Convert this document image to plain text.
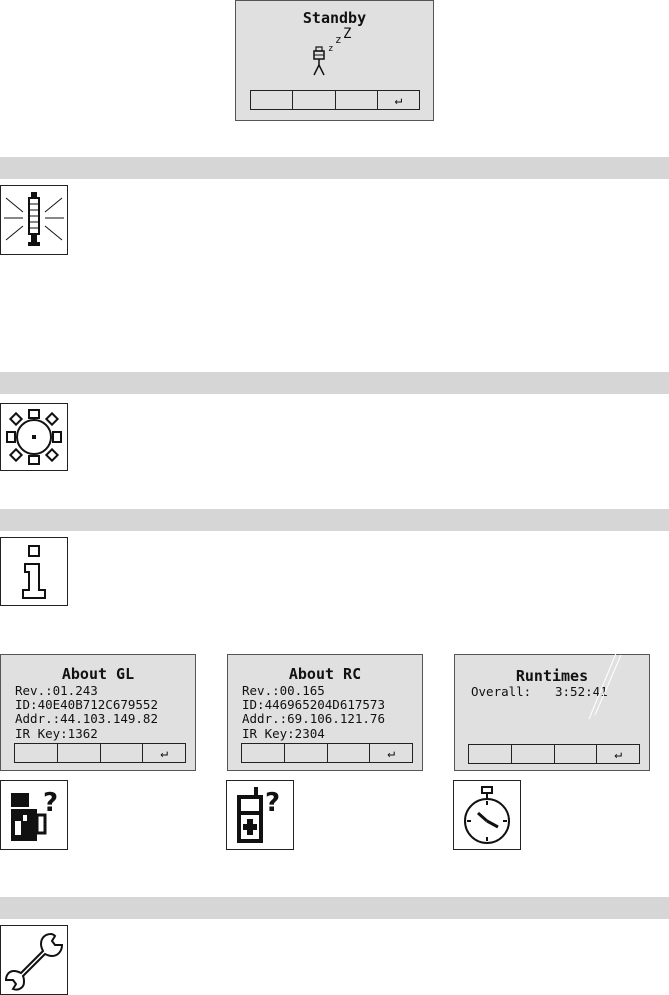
Standby
z
z Z
↵
About GL
Rev.:01.243
ID:40E40B712C679552
Addr.:44.103.149.82
IR Key:1362
↵
About RC
Rev.:00.165
ID:446965204D617573
Addr.:69.106.121.76
IR Key:2304
↵
Runtimes
Overall: 3:52:41
↵
?	?
